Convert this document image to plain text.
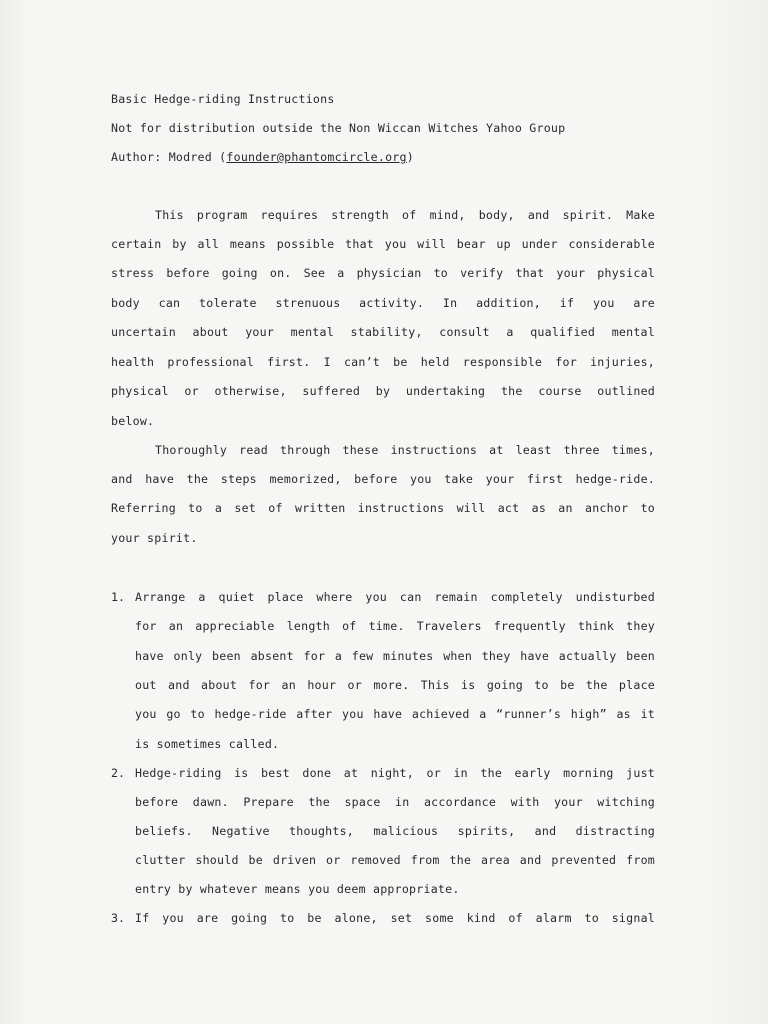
Basic Hedge-riding Instructions
Not for distribution outside the Non Wiccan Witches Yahoo Group
Author: Modred (founder@phantomcircle.org)
This program requires strength of mind, body, and spirit. Make
certain by all means possible that you will bear up under considerable
stress before going on. See a physician to verify that your physical
body can tolerate strenuous activity. In addition, if you are
uncertain about your mental stability, consult a qualified mental
health professional first. I can’t be held responsible for injuries,
physical or otherwise, suffered by undertaking the course outlined
below.
Thoroughly read through these instructions at least three times,
and have the steps memorized, before you take your first hedge-ride.
Referring to a set of written instructions will act as an anchor to
your spirit.
1. Arrange a quiet place where you can remain completely undisturbed
for an appreciable length of time. Travelers frequently think they
have only been absent for a few minutes when they have actually been
out and about for an hour or more. This is going to be the place
you go to hedge-ride after you have achieved a “runner’s high” as it
is sometimes called.
2. Hedge-riding is best done at night, or in the early morning just
before dawn. Prepare the space in accordance with your witching
beliefs. Negative thoughts, malicious spirits, and distracting
clutter should be driven or removed from the area and prevented from
entry by whatever means you deem appropriate.
3. If you are going to be alone, set some kind of alarm to signal
